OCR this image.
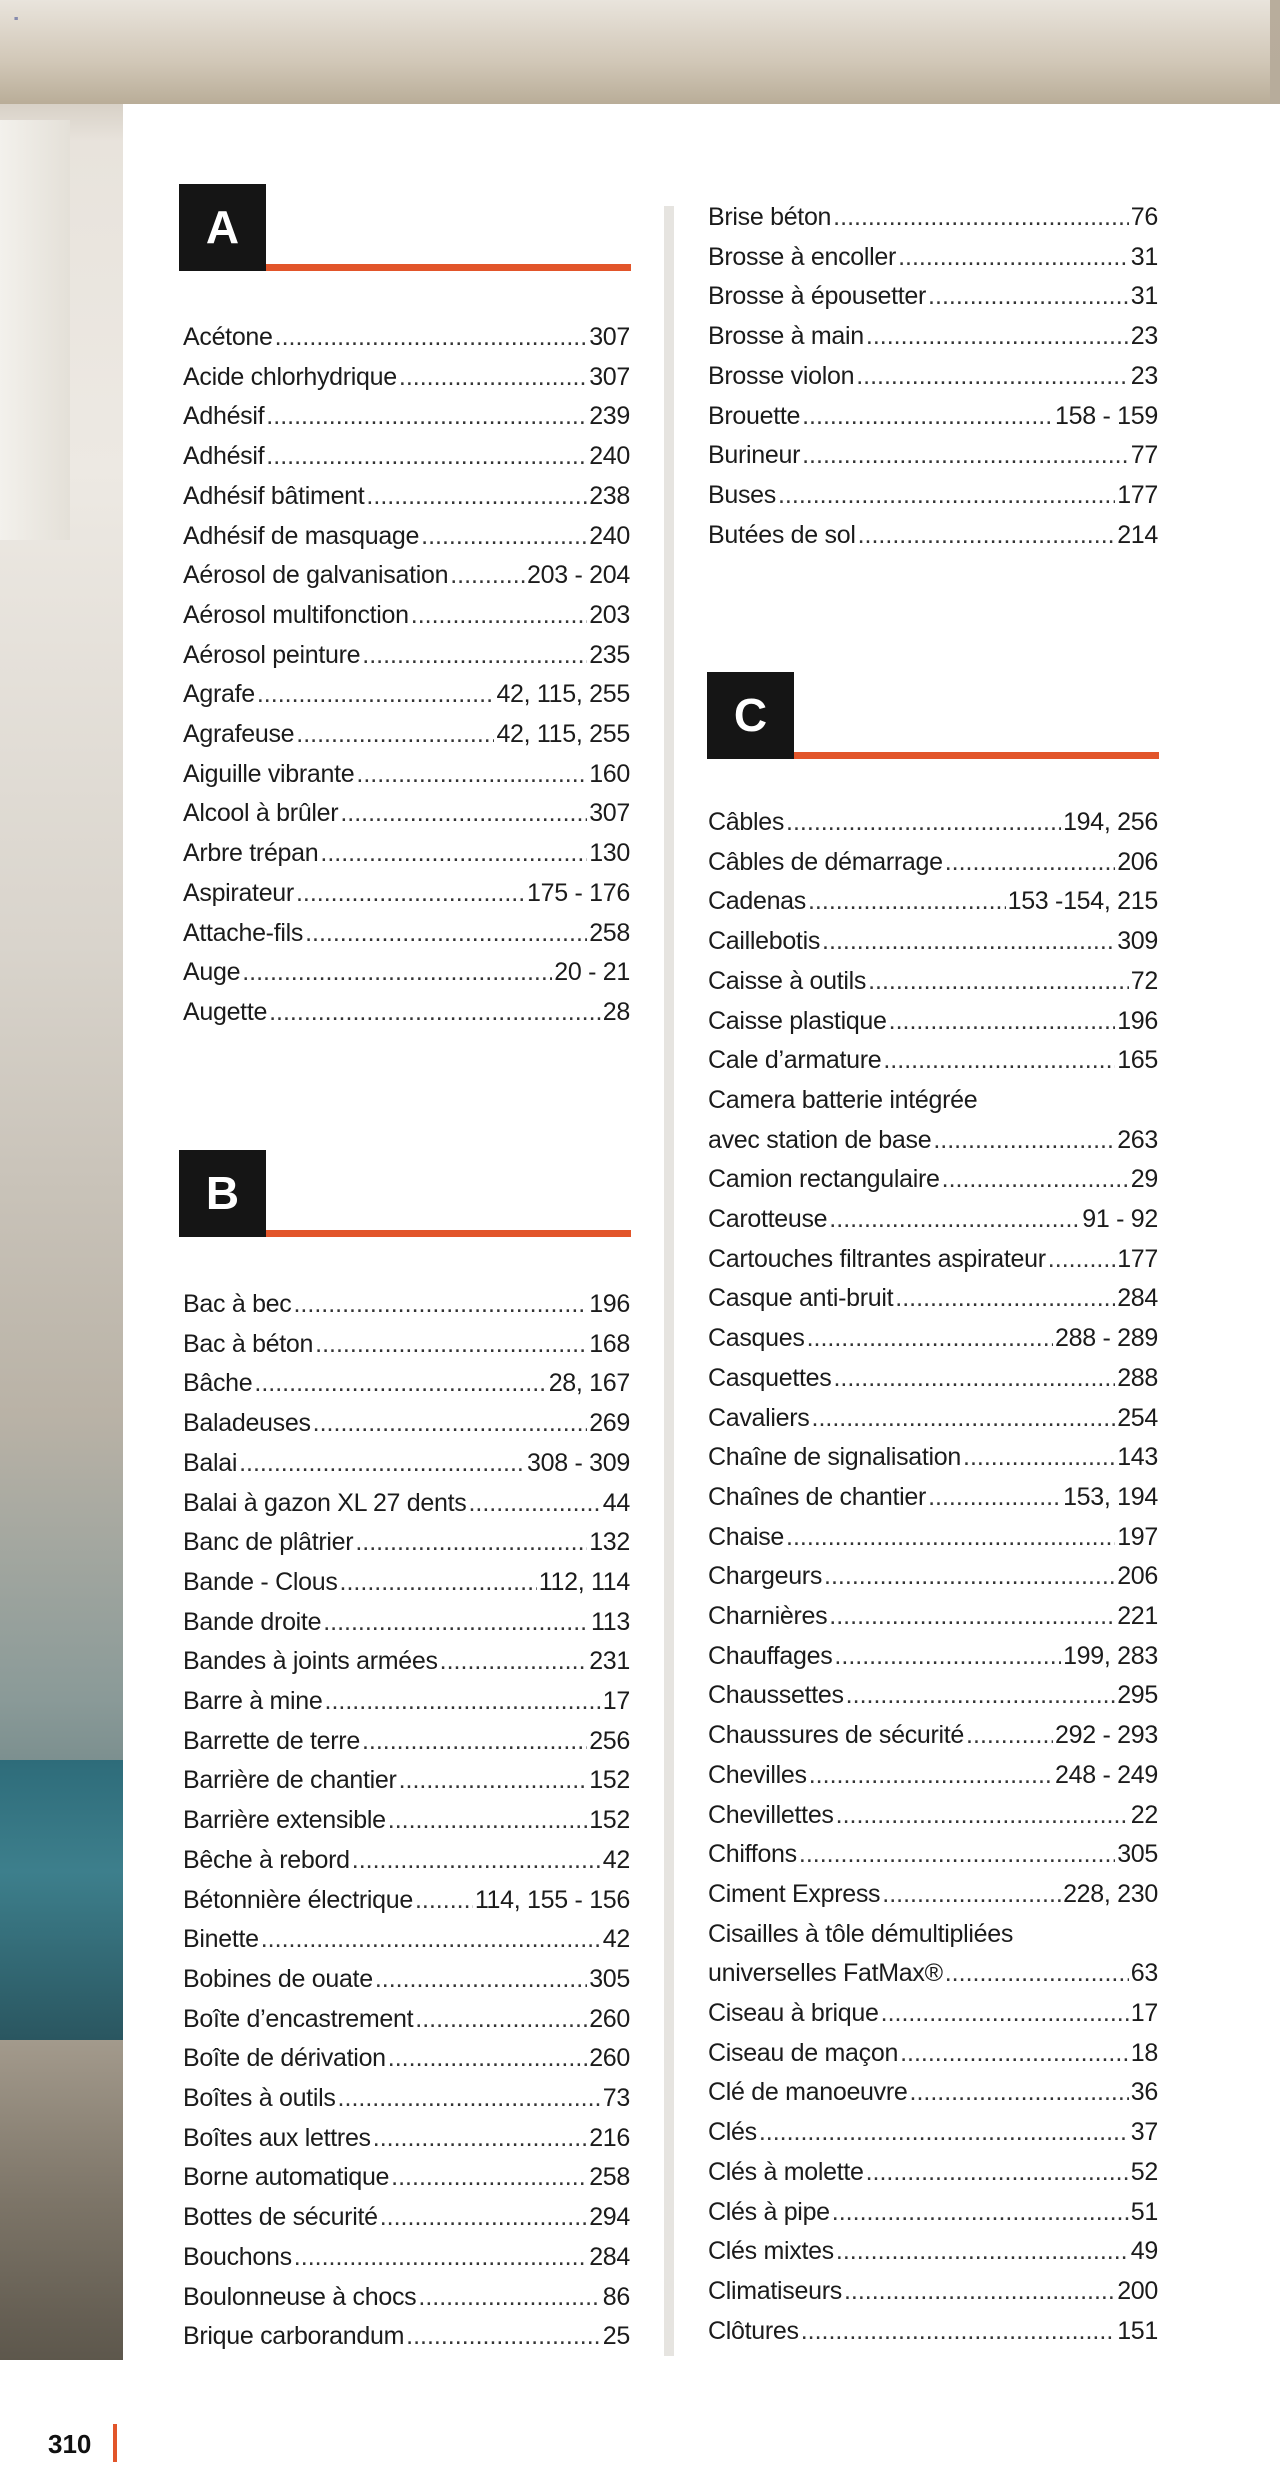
≡
A
B
C
Acétone .....	307
Acide chlorhydrique .....	307
Adhésif .....	239
Adhésif .....	240
Adhésif bâtiment .....	238
Adhésif de masquage .....	240
Aérosol de galvanisation .....	203 - 204
Aérosol multifonction .....	203
Aérosol peinture .....	235
Agrafe .....	42, 115, 255
Agrafeuse .....	42, 115, 255
Aiguille vibrante .....	160
Alcool à brûler .....	307
Arbre trépan .....	130
Aspirateur .....	175 - 176
Attache-fils .....	258
Auge .....	20 - 21
Augette .....	28
Bac à bec .....	196
Bac à béton .....	168
Bâche .....	28, 167
Baladeuses .....	269
Balai .....	308 - 309
Balai à gazon XL 27 dents .....	44
Banc de plâtrier .....	132
Bande - Clous .....	112, 114
Bande droite .....	113
Bandes à joints armées .....	231
Barre à mine .....	17
Barrette de terre .....	256
Barrière de chantier .....	152
Barrière extensible .....	152
Bêche à rebord .....	42
Bétonnière électrique ..... 114, 155 - 156
Binette .....	42
Bobines de ouate .....	305
Boîte d’encastrement .....	260
Boîte de dérivation .....	260
Boîtes à outils .....	73
Boîtes aux lettres .....	216
Borne automatique .....	258
Bottes de sécurité .....	294
Bouchons .....	284
Boulonneuse à chocs .....	86
Brique carborandum .....	25
Brise béton .....	76
Brosse à encoller .....	31
Brosse à épousetter .....	31
Brosse à main .....	23
Brosse violon .....	23
Brouette .....	158 - 159
Burineur .....	77
Buses .....	177
Butées de sol .....	214
Câbles .....	194, 256
Câbles de démarrage .....	206
Cadenas .....	153 -154, 215
Caillebotis .....	309
Caisse à outils .....	72
Caisse plastique .....	196
Cale d’armature .....	165
Camera batterie intégrée
avec station de base .....	263
Camion rectangulaire .....	29
Carotteuse .....	91 - 92
Cartouches filtrantes aspirateur .....	177
Casque anti-bruit .....	284
Casques .....	288 - 289
Casquettes .....	288
Cavaliers .....	254
Chaîne de signalisation .....	143
Chaînes de chantier .....	153, 194
Chaise .....	197
Chargeurs .....	206
Charnières .....	221
Chauffages .....	199, 283
Chaussettes .....	295
Chaussures de sécurité .....	292 - 293
Chevilles .....	248 - 249
Chevillettes .....	22
Chiffons .....	305
Ciment Express .....	228, 230
Cisailles à tôle démultipliées
universelles FatMax® .....	63
Ciseau à brique .....	17
Ciseau de maçon .....	18
Clé de manoeuvre .....	36
Clés .....	37
Clés à molette .....	52
Clés à pipe .....	51
Clés mixtes .....	49
Climatiseurs .....	200
Clôtures .....	151
310
